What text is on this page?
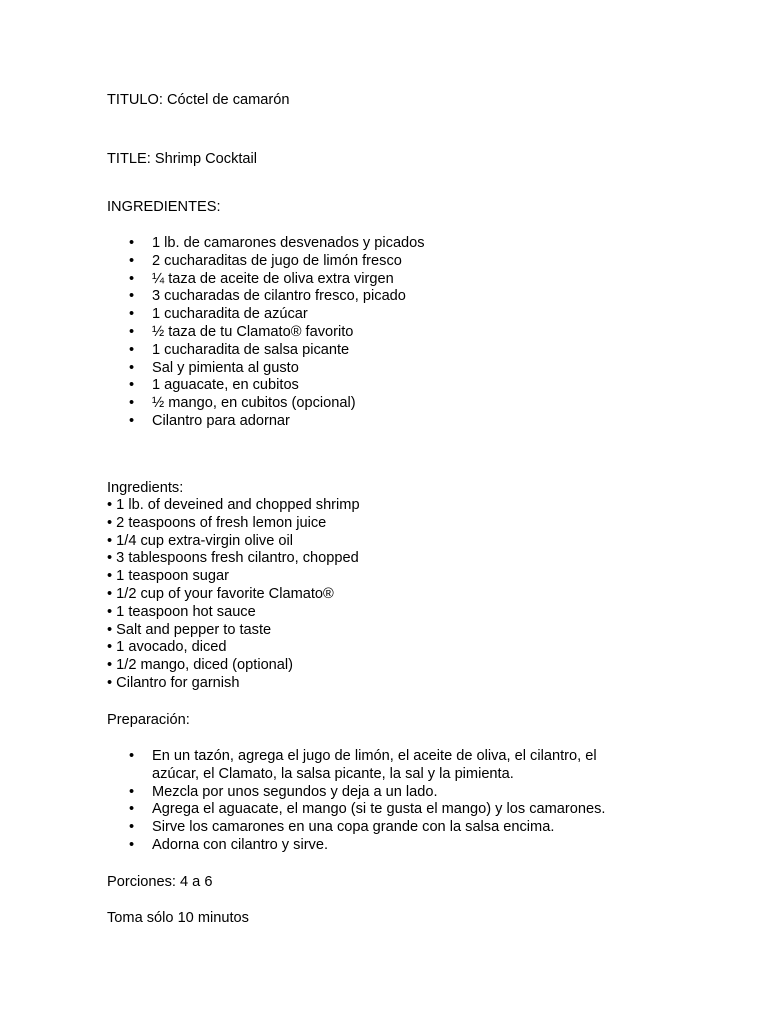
TITULO: Cóctel de camarón
TITLE: Shrimp Cocktail
INGREDIENTES:
• 1 lb. de camarones desvenados y picados
• 2 cucharaditas de jugo de limón fresco
• ¼ taza de aceite de oliva extra virgen
• 3 cucharadas de cilantro fresco, picado
• 1 cucharadita de azúcar
• ½ taza de tu Clamato® favorito
• 1 cucharadita de salsa picante
• Sal y pimienta al gusto
• 1 aguacate, en cubitos
• ½ mango, en cubitos (opcional)
• Cilantro para adornar
Ingredients:
• 1 lb. of deveined and chopped shrimp
• 2 teaspoons of fresh lemon juice
• 1/4 cup extra-virgin olive oil
• 3 tablespoons fresh cilantro, chopped
• 1 teaspoon sugar
• 1/2 cup of your favorite Clamato®
• 1 teaspoon hot sauce
• Salt and pepper to taste
• 1 avocado, diced
• 1/2 mango, diced (optional)
• Cilantro for garnish
Preparación:
• En un tazón, agrega el jugo de limón, el aceite de oliva, el cilantro, el azúcar, el Clamato, la salsa picante, la sal y la pimienta.
• Mezcla por unos segundos y deja a un lado.
• Agrega el aguacate, el mango (si te gusta el mango) y los camarones.
• Sirve los camarones en una copa grande con la salsa encima.
• Adorna con cilantro y sirve.
Porciones: 4 a 6
Toma sólo 10 minutos
